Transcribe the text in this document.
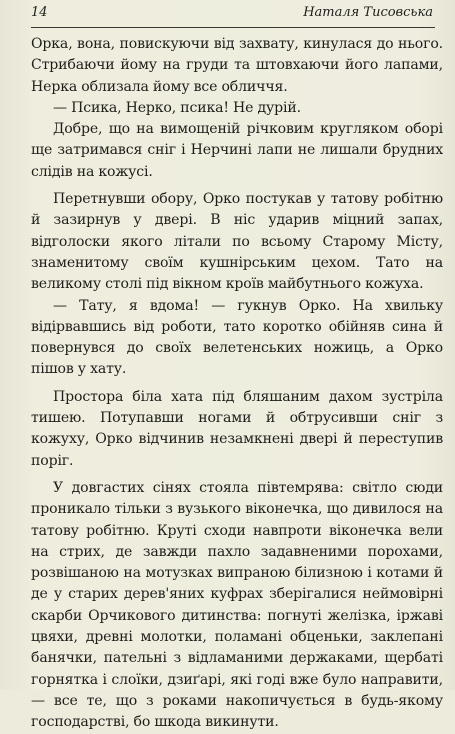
14	Наталя Тисовська

Орка, вона, повискуючи від захвату, кинулася до нього. Стрибаючи йому на груди та штовхаючи його лапами, Нерка облизала йому все обличчя.

— Псика, Нерко, псика! Не дурій.

Добре, що на вимощеній річковим кругляком оборі ще затримався сніг і Нерчині лапи не лишали брудних слідів на кожусі.

Перетнувши обору, Орко постукав у татову робітню й зазирнув у двері. В ніс ударив міцний запах, відголоски якого літали по всьому Старому Місту, знаменитому своїм кушнірським цехом. Тато на великому столі під вікном кроїв майбутнього кожуха.

— Тату, я вдома! — гукнув Орко. На хвильку відірвавшись від роботи, тато коротко обійняв сина й повернувся до своїх велетенських ножиць, а Орко пішов у хату.

Простора біла хата під бляшаним дахом зустріла тишею. Потупавши ногами й обтрусивши сніг з кожуху, Орко відчинив незамкнені двері й переступив поріг.

У довгастих сінях стояла півтемрява: світло сюди проникало тільки з вузького віконечка, що дивилося на татову робітню. Круті сходи навпроти віконечка вели на стрих, де завжди пахло задавненими порохами, розвішаною на мотузках випраною білизною і котами й де у старих дерев'яних куфрах зберігалися неймовірні скарби Орчикового дитинства: погнуті желізка, іржаві цвяхи, древні молотки, поламані обценьки, заклепані банячки, пательні з відламаними держаками, щербаті горнятка і слоїки, дзиґарі, які годі вже було направити, — все те, що з роками накопичується в будь-якому господарстві, бо шкода викинути.
